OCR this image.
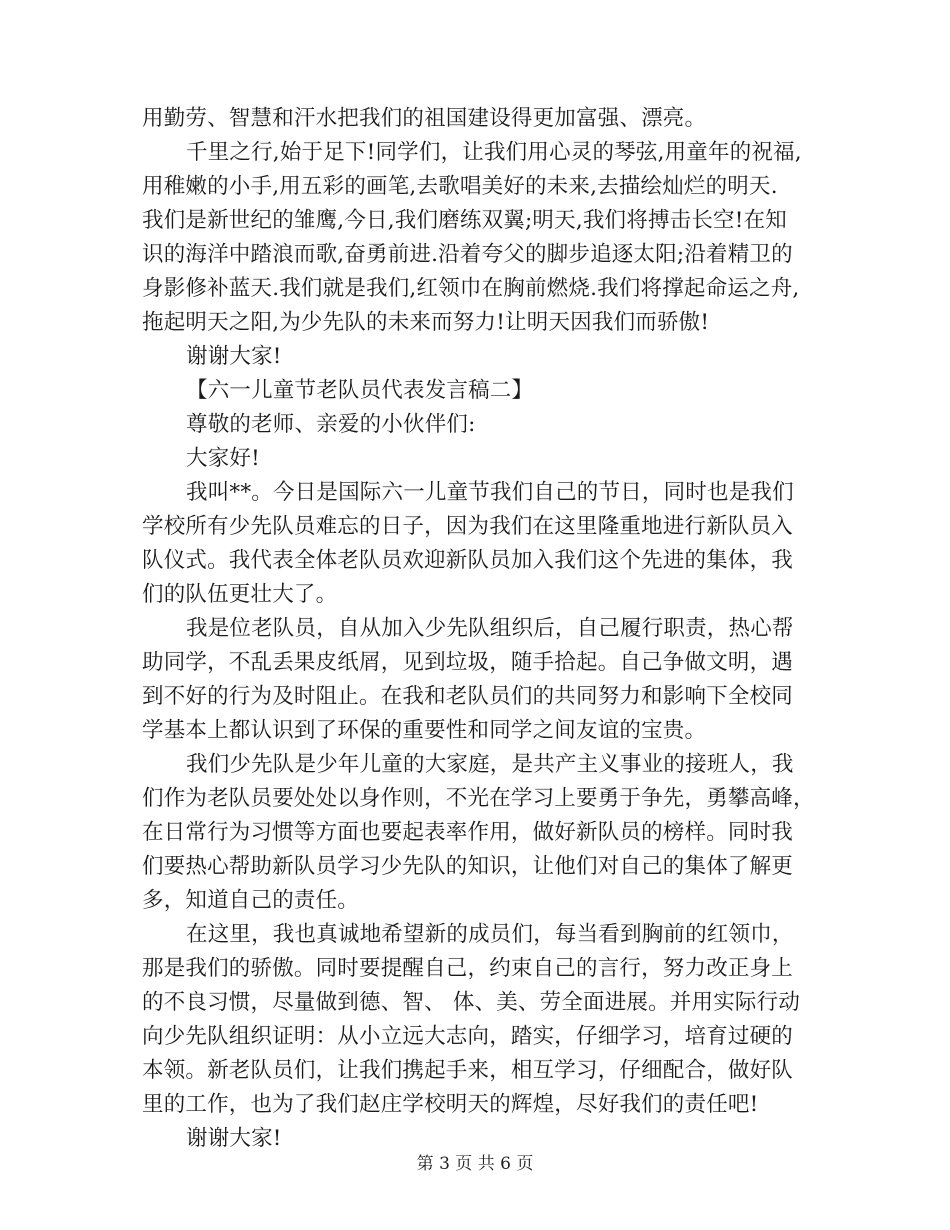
用勤劳、智慧和汗水把我们的祖国建设得更加富强、漂亮。
千里之行,始于足下!同学们，让我们用心灵的琴弦,用童年的祝福,
用稚嫩的小手,用五彩的画笔,去歌唱美好的未来,去描绘灿烂的明天.
我们是新世纪的雏鹰,今日,我们磨练双翼;明天,我们将搏击长空!在知
识的海洋中踏浪而歌,奋勇前进.沿着夸父的脚步追逐太阳;沿着精卫的
身影修补蓝天.我们就是我们,红领巾在胸前燃烧.我们将撑起命运之舟,
拖起明天之阳,为少先队的未来而努力!让明天因我们而骄傲!
谢谢大家!
【六一儿童节老队员代表发言稿二】
尊敬的老师、亲爱的小伙伴们:
大家好!
我叫**。今日是国际六一儿童节我们自己的节日，同时也是我们
学校所有少先队员难忘的日子，因为我们在这里隆重地进行新队员入
队仪式。我代表全体老队员欢迎新队员加入我们这个先进的集体，我
们的队伍更壮大了。
我是位老队员，自从加入少先队组织后，自己履行职责，热心帮
助同学，不乱丢果皮纸屑，见到垃圾，随手拾起。自己争做文明，遇
到不好的行为及时阻止。在我和老队员们的共同努力和影响下全校同
学基本上都认识到了环保的重要性和同学之间友谊的宝贵。
我们少先队是少年儿童的大家庭，是共产主义事业的接班人，我
们作为老队员要处处以身作则，不光在学习上要勇于争先，勇攀高峰，
在日常行为习惯等方面也要起表率作用，做好新队员的榜样。同时我
们要热心帮助新队员学习少先队的知识，让他们对自己的集体了解更
多，知道自己的责任。
在这里，我也真诚地希望新的成员们，每当看到胸前的红领巾，
那是我们的骄傲。同时要提醒自己，约束自己的言行，努力改正身上
的不良习惯，尽量做到德、智、 体、美、劳全面进展。并用实际行动
向少先队组织证明：从小立远大志向，踏实，仔细学习，培育过硬的
本领。新老队员们，让我们携起手来，相互学习，仔细配合，做好队
里的工作，也为了我们赵庄学校明天的辉煌，尽好我们的责任吧!
谢谢大家!
第 3 页 共 6 页
